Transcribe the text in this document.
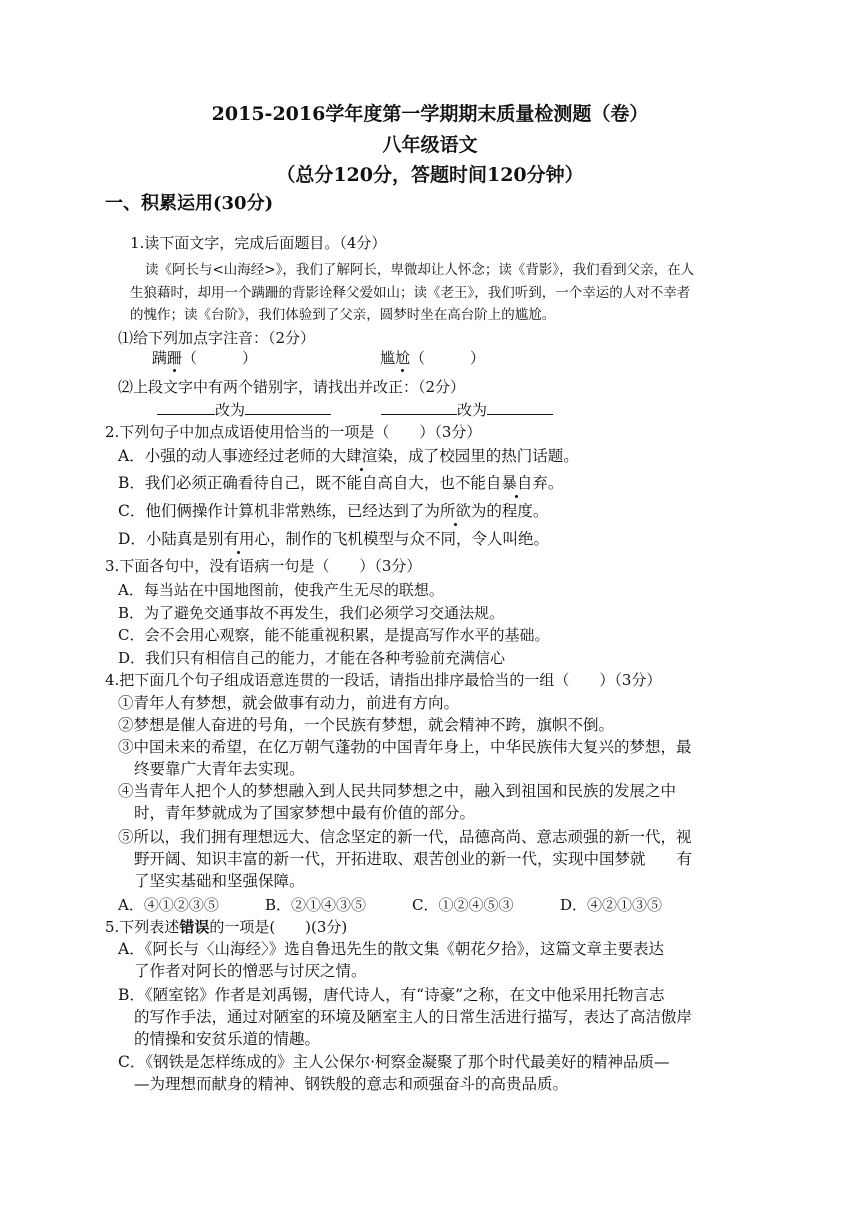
2015-2016学年度第一学期期末质量检测题（卷）
八年级语文
（总分120分，答题时间120分钟）
一、积累运用(30分)
1.读下面文字，完成后面题目。（4分）
读《阿长与<山海经>》，我们了解阿长，卑微却让人怀念；读《背影》，我们看到父亲，在人
生狼藉时，却用一个蹒跚的背影诠释父爱如山；读《老王》，我们听到，一个幸运的人对不幸者
的愧作；读《台阶》，我们体验到了父亲，圆梦时坐在高台阶上的尴尬。
⑴给下列加点字注音：（2分）
蹒跚（　　　）	尴尬（　　　）
⑵上段文字中有两个错别字，请找出并改正：（2分）
改为	改为
2.下列句子中加点成语使用恰当的一项是（　　）（3分）
A．小强的动人事迹经过老师的大肆渲染，成了校园里的热门话题。
B．我们必须正确看待自己，既不能自高自大，也不能自暴自弃。
C．他们俩操作计算机非常熟练，已经达到了为所欲为的程度。
D．小陆真是别有用心，制作的飞机模型与众不同，令人叫绝。
3.下面各句中，没有语病一句是（　　）（3分）
A．每当站在中国地图前，使我产生无尽的联想。
B．为了避免交通事故不再发生，我们必须学习交通法规。
C．会不会用心观察，能不能重视积累，是提高写作水平的基础。
D．我们只有相信自己的能力，才能在各种考验前充满信心
4.把下面几个句子组成语意连贯的一段话，请指出排序最恰当的一组（　　）（3分）
①青年人有梦想，就会做事有动力，前进有方向。
②梦想是催人奋进的号角，一个民族有梦想，就会精神不跨，旗帜不倒。
③中国未来的希望，在亿万朝气蓬勃的中国青年身上，中华民族伟大复兴的梦想，最
终要靠广大青年去实现。
④当青年人把个人的梦想融入到人民共同梦想之中，融入到祖国和民族的发展之中
时，青年梦就成为了国家梦想中最有价值的部分。
⑤所以，我们拥有理想远大、信念坚定的新一代，品德高尚、意志顽强的新一代，视
野开阔、知识丰富的新一代，开拓进取、艰苦创业的新一代，实现中国梦就　　有
了坚实基础和坚强保障。
A．④①②③⑤	B．②①④③⑤	C．①②④⑤③	D．④②①③⑤
5.下列表述错误的一项是(　　)(3分)
A．《阿长与〈山海经〉》选自鲁迅先生的散文集《朝花夕拾》，这篇文章主要表达
了作者对阿长的憎恶与讨厌之情。
B．《陋室铭》作者是刘禹锡，唐代诗人，有“诗豪”之称，在文中他采用托物言志
的写作手法，通过对陋室的环境及陋室主人的日常生活进行描写，表达了高洁傲岸
的情操和安贫乐道的情趣。
C．《钢铁是怎样练成的》主人公保尔·柯察金凝聚了那个时代最美好的精神品质—
—为理想而献身的精神、钢铁般的意志和顽强奋斗的高贵品质。
